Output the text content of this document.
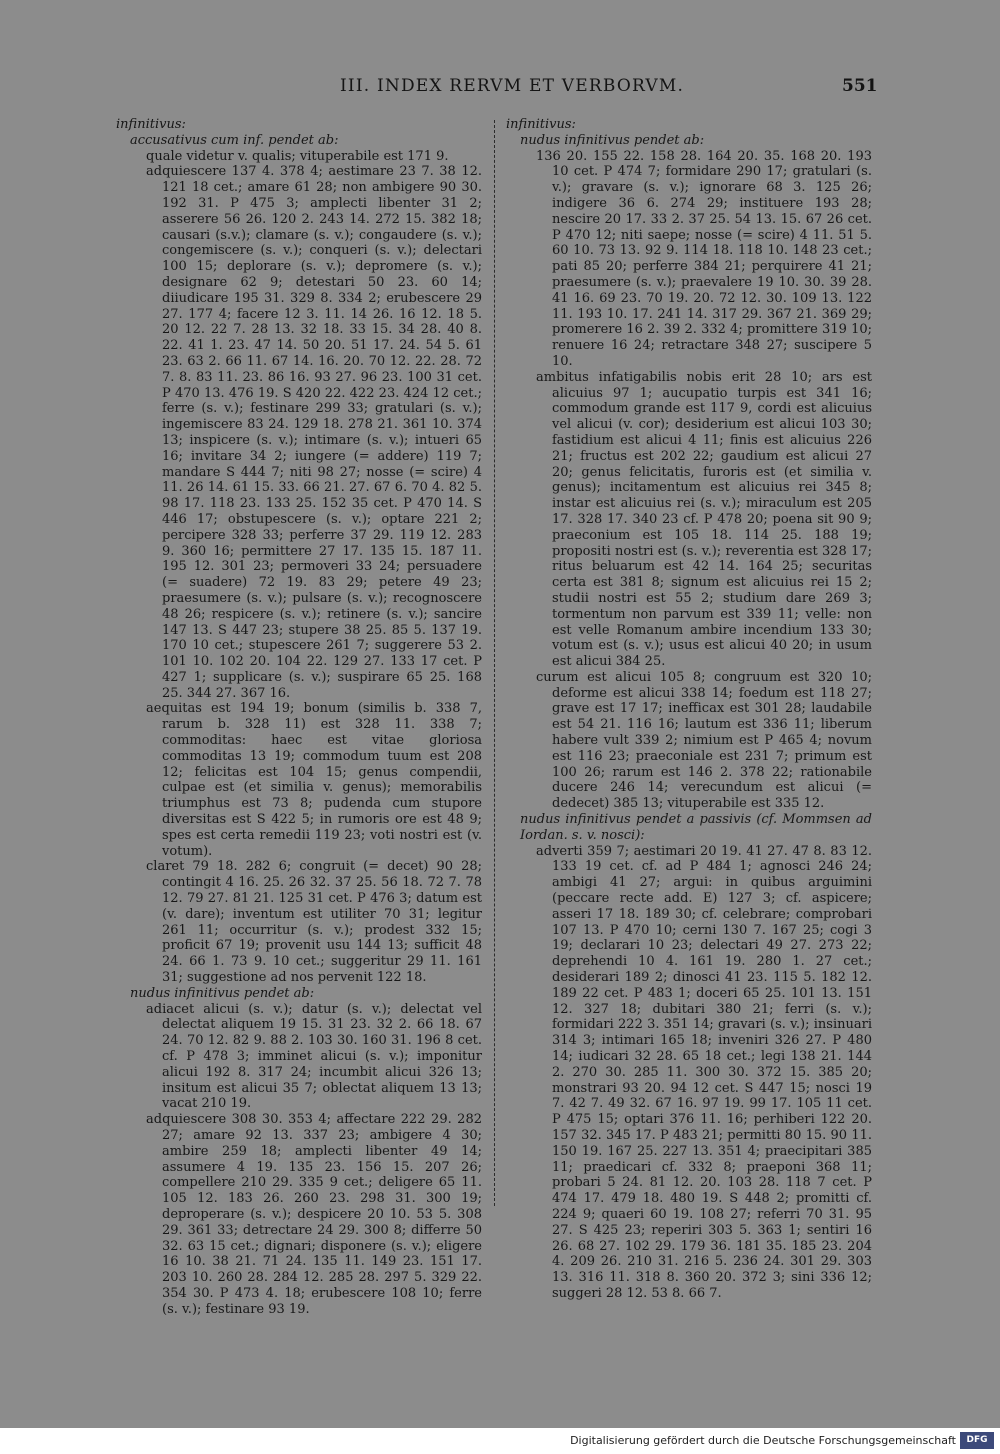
III. INDEX RERVM ET VERBORVM.	551

infinitivus:

accusativus cum inf. pendet ab:

quale videtur v. qualis; vituperabile est 171 9.

adquiescere 137 4. 378 4; aestimare 23 7. 38 12. 121 18 cet.; amare 61 28; non ambigere 90 30. 192 31. P 475 3; amplecti libenter 31 2; asserere 56 26. 120 2. 243 14. 272 15. 382 18; causari (s.v.); clamare (s. v.); congaudere (s. v.); congemiscere (s. v.); conqueri (s. v.); delectari 100 15; deplorare (s. v.); depromere (s. v.); designare 62 9; detestari 50 23. 60 14; diiudicare 195 31. 329 8. 334 2; erubescere 29 27. 177 4; facere 12 3. 11. 14 26. 16 12. 18 5. 20 12. 22 7. 28 13. 32 18. 33 15. 34 28. 40 8. 22. 41 1. 23. 47 14. 50 20. 51 17. 24. 54 5. 61 23. 63 2. 66 11. 67 14. 16. 20. 70 12. 22. 28. 72 7. 8. 83 11. 23. 86 16. 93 27. 96 23. 100 31 cet. P 470 13. 476 19. S 420 22. 422 23. 424 12 cet.; ferre (s. v.); festinare 299 33; gratulari (s. v.); ingemiscere 83 24. 129 18. 278 21. 361 10. 374 13; inspicere (s. v.); intimare (s. v.); intueri 65 16; invitare 34 2; iungere (= addere) 119 7; mandare S 444 7; niti 98 27; nosse (= scire) 4 11. 26 14. 61 15. 33. 66 21. 27. 67 6. 70 4. 82 5. 98 17. 118 23. 133 25. 152 35 cet. P 470 14. S 446 17; obstupescere (s. v.); optare 221 2; percipere 328 33; perferre 37 29. 119 12. 283 9. 360 16; permittere 27 17. 135 15. 187 11. 195 12. 301 23; permoveri 33 24; persuadere (= suadere) 72 19. 83 29; petere 49 23; praesumere (s. v.); pulsare (s. v.); recognoscere 48 26; respicere (s. v.); retinere (s. v.); sancire 147 13. S 447 23; stupere 38 25. 85 5. 137 19. 170 10 cet.; stupescere 261 7; suggerere 53 2. 101 10. 102 20. 104 22. 129 27. 133 17 cet. P 427 1; supplicare (s. v.); suspirare 65 25. 168 25. 344 27. 367 16.

aequitas est 194 19; bonum (similis b. 338 7, rarum b. 328 11) est 328 11. 338 7; commoditas: haec est vitae gloriosa commoditas 13 19; commodum tuum est 208 12; felicitas est 104 15; genus compendii, culpae est (et similia v. genus); memorabilis triumphus est 73 8; pudenda cum stupore diversitas est S 422 5; in rumoris ore est 48 9; spes est certa remedii 119 23; voti nostri est (v. votum).

claret 79 18. 282 6; congruit (= decet) 90 28; contingit 4 16. 25. 26 32. 37 25. 56 18. 72 7. 78 12. 79 27. 81 21. 125 31 cet. P 476 3; datum est (v. dare); inventum est utiliter 70 31; legitur 261 11; occurritur (s. v.); prodest 332 15; proficit 67 19; provenit usu 144 13; sufficit 48 24. 66 1. 73 9. 10 cet.; suggeritur 29 11. 161 31; suggestione ad nos pervenit 122 18.

nudus infinitivus pendet ab:

adiacet alicui (s. v.); datur (s. v.); delectat vel delectat aliquem 19 15. 31 23. 32 2. 66 18. 67 24. 70 12. 82 9. 88 2. 103 30. 160 31. 196 8 cet. cf. P 478 3; imminet alicui (s. v.); imponitur alicui 192 8. 317 24; incumbit alicui 326 13; insitum est alicui 35 7; oblectat aliquem 13 13; vacat 210 19.

adquiescere 308 30. 353 4; affectare 222 29. 282 27; amare 92 13. 337 23; ambigere 4 30; ambire 259 18; amplecti libenter 49 14; assumere 4 19. 135 23. 156 15. 207 26; compellere 210 29. 335 9 cet.; deligere 65 11. 105 12. 183 26. 260 23. 298 31. 300 19; deproperare (s. v.); despicere 20 10. 53 5. 308 29. 361 33; detrectare 24 29. 300 8; differre 50 32. 63 15 cet.; dignari; disponere (s. v.); eligere 16 10. 38 21. 71 24. 135 11. 149 23. 151 17. 203 10. 260 28. 284 12. 285 28. 297 5. 329 22. 354 30. P 473 4. 18; erubescere 108 10; ferre (s. v.); festinare 93 19.

infinitivus:

nudus infinitivus pendet ab:

136 20. 155 22. 158 28. 164 20. 35. 168 20. 193 10 cet. P 474 7; formidare 290 17; gratulari (s. v.); gravare (s. v.); ignorare 68 3. 125 26; indigere 36 6. 274 29; instituere 193 28; nescire 20 17. 33 2. 37 25. 54 13. 15. 67 26 cet. P 470 12; niti saepe; nosse (= scire) 4 11. 51 5. 60 10. 73 13. 92 9. 114 18. 118 10. 148 23 cet.; pati 85 20; perferre 384 21; perquirere 41 21; praesumere (s. v.); praevalere 19 10. 30. 39 28. 41 16. 69 23. 70 19. 20. 72 12. 30. 109 13. 122 11. 193 10. 17. 241 14. 317 29. 367 21. 369 29; promerere 16 2. 39 2. 332 4; promittere 319 10; renuere 16 24; retractare 348 27; suscipere 5 10.

ambitus infatigabilis nobis erit 28 10; ars est alicuius 97 1; aucupatio turpis est 341 16; commodum grande est 117 9, cordi est alicuius vel alicui (v. cor); desiderium est alicui 103 30; fastidium est alicui 4 11; finis est alicuius 226 21; fructus est 202 22; gaudium est alicui 27 20; genus felicitatis, furoris est (et similia v. genus); incitamentum est alicuius rei 345 8; instar est alicuius rei (s. v.); miraculum est 205 17. 328 17. 340 23 cf. P 478 20; poena sit 90 9; praeconium est 105 18. 114 25. 188 19; propositi nostri est (s. v.); reverentia est 328 17; ritus beluarum est 42 14. 164 25; securitas certa est 381 8; signum est alicuius rei 15 2; studii nostri est 55 2; studium dare 269 3; tormentum non parvum est 339 11; velle: non est velle Romanum ambire incendium 133 30; votum est (s. v.); usus est alicui 40 20; in usum est alicui 384 25.

curum est alicui 105 8; congruum est 320 10; deforme est alicui 338 14; foedum est 118 27; grave est 17 17; inefficax est 301 28; laudabile est 54 21. 116 16; lautum est 336 11; liberum habere vult 339 2; nimium est P 465 4; novum est 116 23; praeconiale est 231 7; primum est 100 26; rarum est 146 2. 378 22; rationabile ducere 246 14; verecundum est alicui (= dedecet) 385 13; vituperabile est 335 12.

nudus infinitivus pendet a passivis (cf. Mommsen ad Iordan. s. v. nosci):

adverti 359 7; aestimari 20 19. 41 27. 47 8. 83 12. 133 19 cet. cf. ad P 484 1; agnosci 246 24; ambigi 41 27; argui: in quibus arguimini (peccare recte add. E) 127 3; cf. aspicere; asseri 17 18. 189 30; cf. celebrare; comprobari 107 13. P 470 10; cerni 130 7. 167 25; cogi 3 19; declarari 10 23; delectari 49 27. 273 22; deprehendi 10 4. 161 19. 280 1. 27 cet.; desiderari 189 2; dinosci 41 23. 115 5. 182 12. 189 22 cet. P 483 1; doceri 65 25. 101 13. 151 12. 327 18; dubitari 380 21; ferri (s. v.); formidari 222 3. 351 14; gravari (s. v.); insinuari 314 3; intimari 165 18; inveniri 326 27. P 480 14; iudicari 32 28. 65 18 cet.; legi 138 21. 144 2. 270 30. 285 11. 300 30. 372 15. 385 20; monstrari 93 20. 94 12 cet. S 447 15; nosci 19 7. 42 7. 49 32. 67 16. 97 19. 99 17. 105 11 cet. P 475 15; optari 376 11. 16; perhiberi 122 20. 157 32. 345 17. P 483 21; permitti 80 15. 90 11. 150 19. 167 25. 227 13. 351 4; praecipitari 385 11; praedicari cf. 332 8; praeponi 368 11; probari 5 24. 81 12. 20. 103 28. 118 7 cet. P 474 17. 479 18. 480 19. S 448 2; promitti cf. 224 9; quaeri 60 19. 108 27; referri 70 31. 95 27. S 425 23; reperiri 303 5. 363 1; sentiri 16 26. 68 27. 102 29. 179 36. 181 35. 185 23. 204 4. 209 26. 210 31. 216 5. 236 24. 301 29. 303 13. 316 11. 318 8. 360 20. 372 3; sini 336 12; suggeri 28 12. 53 8. 66 7.

Digitalisierung gefördert durch die Deutsche Forschungsgemeinschaft	DFG
